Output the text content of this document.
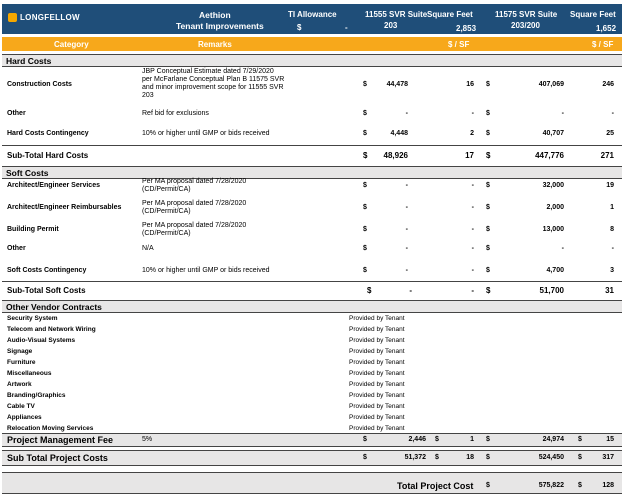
LONGFELLOW	Aethion
Tenant Improvements
TI Allowance
$	-
11555 SVR Suite
203
Square Feet
2,853
11575 SVR Suite
203/200
Square Feet
1,652
Category	Remarks	$ / SF	$ / SF
Hard Costs
Construction Costs
JBP Conceptual Estimate dated 7/29/2020
per McFarlane Conceptual Plan B 11575 SVR
and minor improvement scope for 11555 SVR
203
$	44,478	16 $	407,069	246
Other	Ref bid for exclusions	$	-	- $	-	-
Hard Costs Contingency	10% or higher until GMP or bids received	$	4,448	2 $	40,707	25
Sub-Total Hard Costs	$ 48,926	17 $	447,776	271
Soft Costs
Architect/Engineer Services
Per MA proposal dated 7/28/2020
(CD/Permit/CA)
$	-	- $	32,000	19
Architect/Engineer Reimbursables
Per MA proposal dated 7/28/2020
(CD/Permit/CA)
$	-	- $	2,000	1
Building Permit
Per MA proposal dated 7/28/2020
(CD/Permit/CA)
$	-	- $	13,000	8
Other	N/A	$	-	- $	-	-
Soft Costs Contingency	10% or higher until GMP or bids received	$	-	- $	4,700	3
Sub-Total Soft Costs	$	-	- $	51,700	31
Other Vendor Contracts
Security System	Provided by Tenant
Telecom and Network Wiring	Provided by Tenant
Audio-Visual Systems	Provided by Tenant
Signage	Provided by Tenant
Furniture	Provided by Tenant
Miscellaneous	Provided by Tenant
Artwork	Provided by Tenant
Branding/Graphics	Provided by Tenant
Cable TV	Provided by Tenant
Appliances	Provided by Tenant
Relocation Moving Services	Provided by Tenant
Project Management Fee	5%	$	2,446 $	1 $	24,974 $	15
Sub Total Project Costs	$	51,372 $	18 $	524,450 $	317
Total Project Cost $	575,822 $	128
